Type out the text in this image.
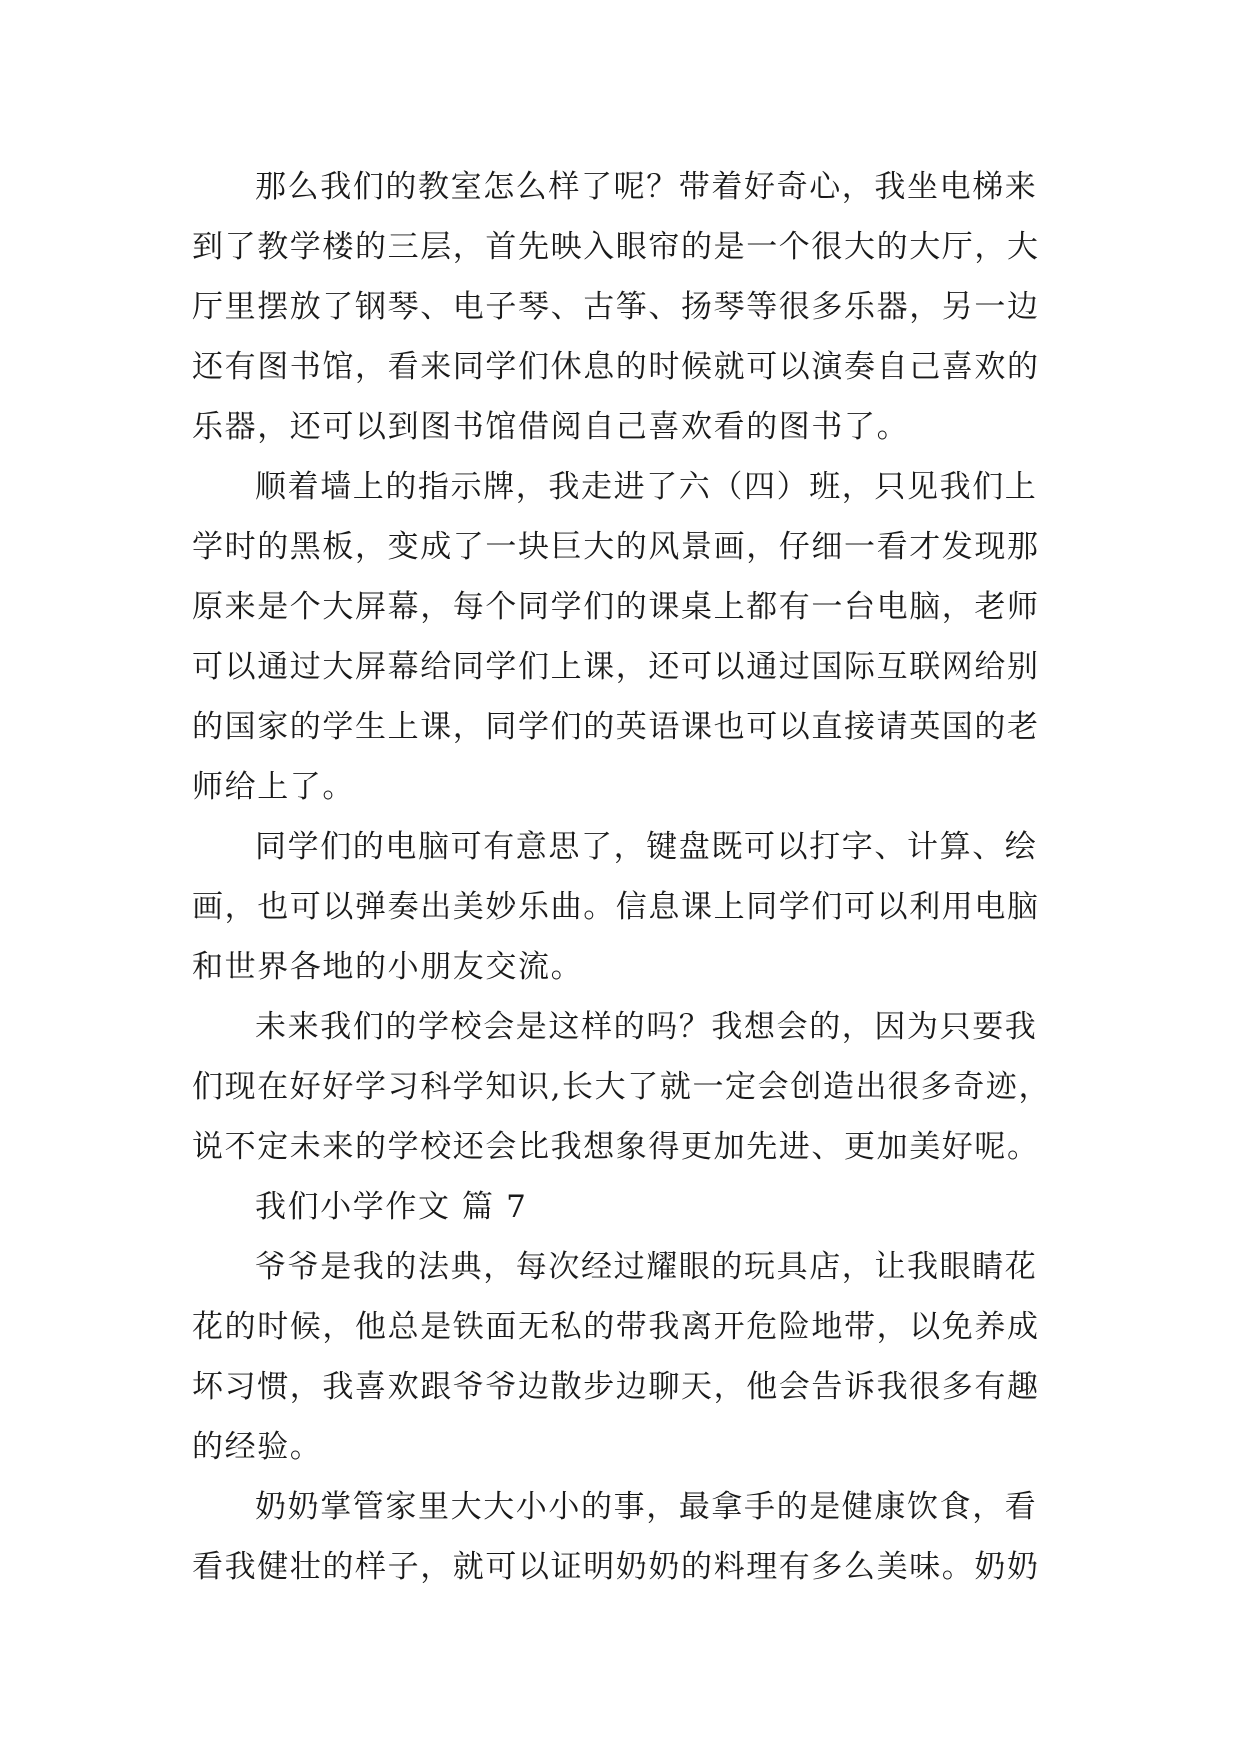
那么我们的教室怎么样了呢？带着好奇心，我坐电梯来
到了教学楼的三层，首先映入眼帘的是一个很大的大厅，大
厅里摆放了钢琴、电子琴、古筝、扬琴等很多乐器，另一边
还有图书馆，看来同学们休息的时候就可以演奏自己喜欢的
乐器，还可以到图书馆借阅自己喜欢看的图书了。
顺着墙上的指示牌，我走进了六（四）班，只见我们上
学时的黑板，变成了一块巨大的风景画，仔细一看才发现那
原来是个大屏幕，每个同学们的课桌上都有一台电脑，老师
可以通过大屏幕给同学们上课，还可以通过国际互联网给别
的国家的学生上课，同学们的英语课也可以直接请英国的老
师给上了。
同学们的电脑可有意思了，键盘既可以打字、计算、绘
画，也可以弹奏出美妙乐曲。信息课上同学们可以利用电脑
和世界各地的小朋友交流。
未来我们的学校会是这样的吗？我想会的，因为只要我
们现在好好学习科学知识,长大了就一定会创造出很多奇迹，
说不定未来的学校还会比我想象得更加先进、更加美好呢。
我们小学作文 篇 7
爷爷是我的法典，每次经过耀眼的玩具店，让我眼睛花
花的时候，他总是铁面无私的带我离开危险地带，以免养成
坏习惯，我喜欢跟爷爷边散步边聊天，他会告诉我很多有趣
的经验。
奶奶掌管家里大大小小的事，最拿手的是健康饮食，看
看我健壮的样子，就可以证明奶奶的料理有多么美味。奶奶
